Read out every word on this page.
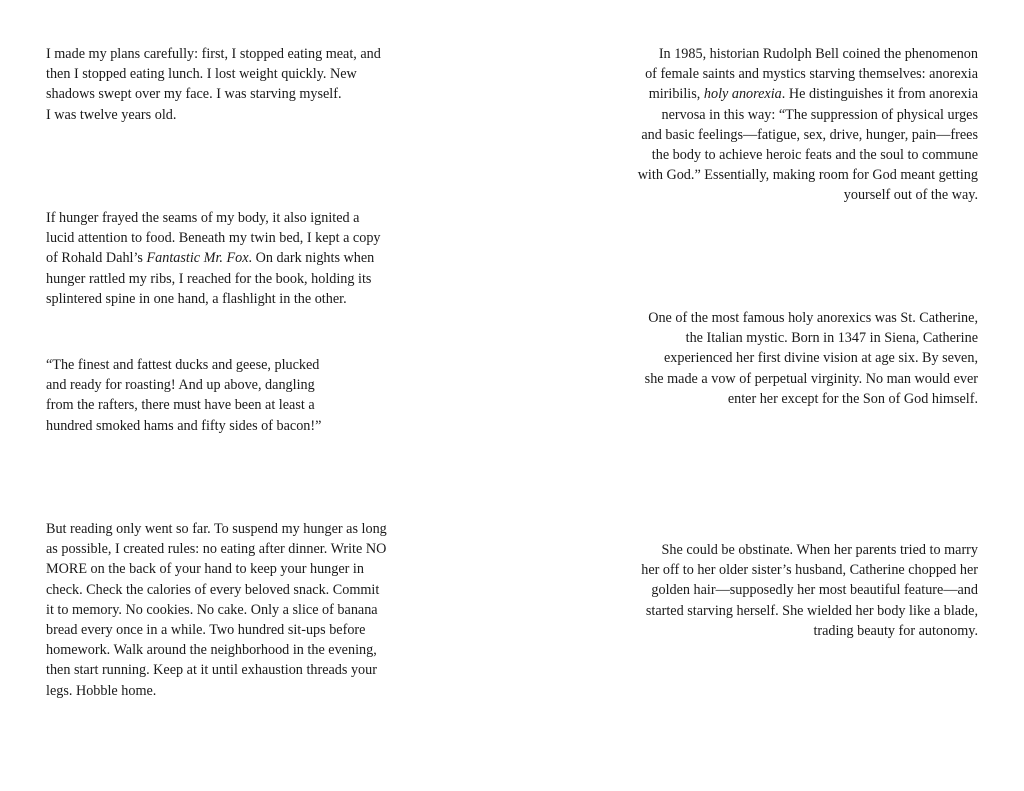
I made my plans carefully: first, I stopped eating meat, and
then I stopped eating lunch. I lost weight quickly. New
shadows swept over my face. I was starving myself.
I was twelve years old.

If hunger frayed the seams of my body, it also ignited a
lucid attention to food. Beneath my twin bed, I kept a copy
of Rohald Dahl’s Fantastic Mr. Fox. On dark nights when
hunger rattled my ribs, I reached for the book, holding its
splintered spine in one hand, a flashlight in the other.

“The finest and fattest ducks and geese, plucked
and ready for roasting! And up above, dangling
from the rafters, there must have been at least a
hundred smoked hams and fifty sides of bacon!”

But reading only went so far. To suspend my hunger as long
as possible, I created rules: no eating after dinner. Write NO
MORE on the back of your hand to keep your hunger in
check. Check the calories of every beloved snack. Commit
it to memory. No cookies. No cake. Only a slice of banana
bread every once in a while. Two hundred sit-ups before
homework. Walk around the neighborhood in the evening,
then start running. Keep at it until exhaustion threads your
legs. Hobble home.

In 1985, historian Rudolph Bell coined the phenomenon
of female saints and mystics starving themselves: anorexia
miribilis, holy anorexia. He distinguishes it from anorexia
nervosa in this way: “The suppression of physical urges
and basic feelings—fatigue, sex, drive, hunger, pain—frees
the body to achieve heroic feats and the soul to commune
with God.” Essentially, making room for God meant getting
yourself out of the way.

One of the most famous holy anorexics was St. Catherine,
the Italian mystic. Born in 1347 in Siena, Catherine
experienced her first divine vision at age six. By seven,
she made a vow of perpetual virginity. No man would ever
enter her except for the Son of God himself.

She could be obstinate. When her parents tried to marry
her off to her older sister’s husband, Catherine chopped her
golden hair—supposedly her most beautiful feature—and
started starving herself. She wielded her body like a blade,
trading beauty for autonomy.
